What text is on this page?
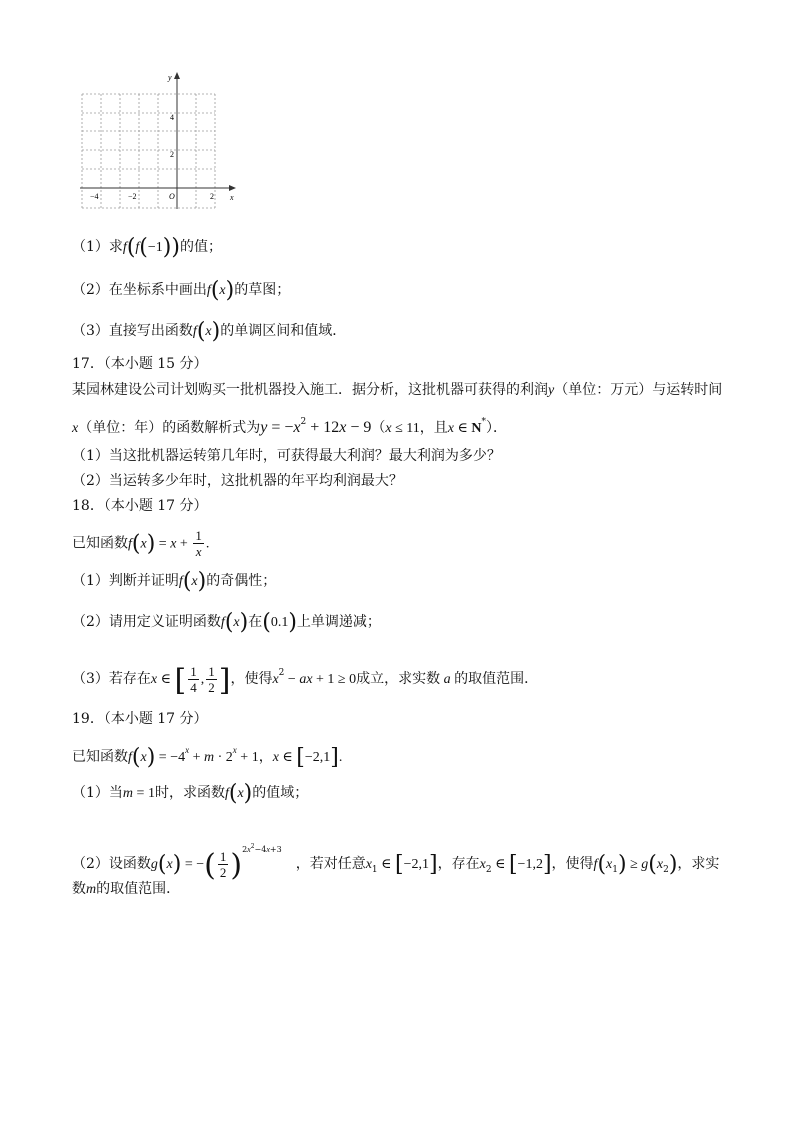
x
y
O
−4	−2	2
4
2
（1）求f(f(−1))的值；
（2）在坐标系中画出f(x)的草图；
（3）直接写出函数f(x)的单调区间和值域．
17．（本小题 15 分）
某园林建设公司计划购买一批机器投入施工．据分析，这批机器可获得的利润y（单位：万元）与运转时间
x（单位：年）的函数解析式为$y = -x^2 + 12x - 9(x \le 11$，且x ∈ N*）．
（1）当这批机器运转第几年时，可获得最大利润？最大利润为多少？
（2）当运转多少年时，这批机器的年平均利润最大？
18．（本小题 17 分）
已知函数$f(x) = x + \frac{1}{x}$ .
（1）判断并证明f(x)的奇偶性；
（2）请用定义证明函数f(x)在(0.1)上单调递减；
（3）若存在x ∈ [ $\frac{1}{4}$ , $\frac{1}{2}$ ]，使得$x^2$ − ax + 1 ≥ 0成立，求实数 a 的取值范围．
19．（本小题 17 分）
已知函数$f(x) = -4^x + m \cdot 2^x + 1$，x ∈ [−2,1].
（1）当m = 1时，求函数f(x)的值域；
（2）设函数g(x) = −( $\frac{1}{2} )^{2x^2-4x+3}$，若对任意$x_1$ ∈ [−2,1]，存在$x_2$ ∈ [−1,2]，使得$f(x_1) \ge g(x_2)$，求实
数m的取值范围．
